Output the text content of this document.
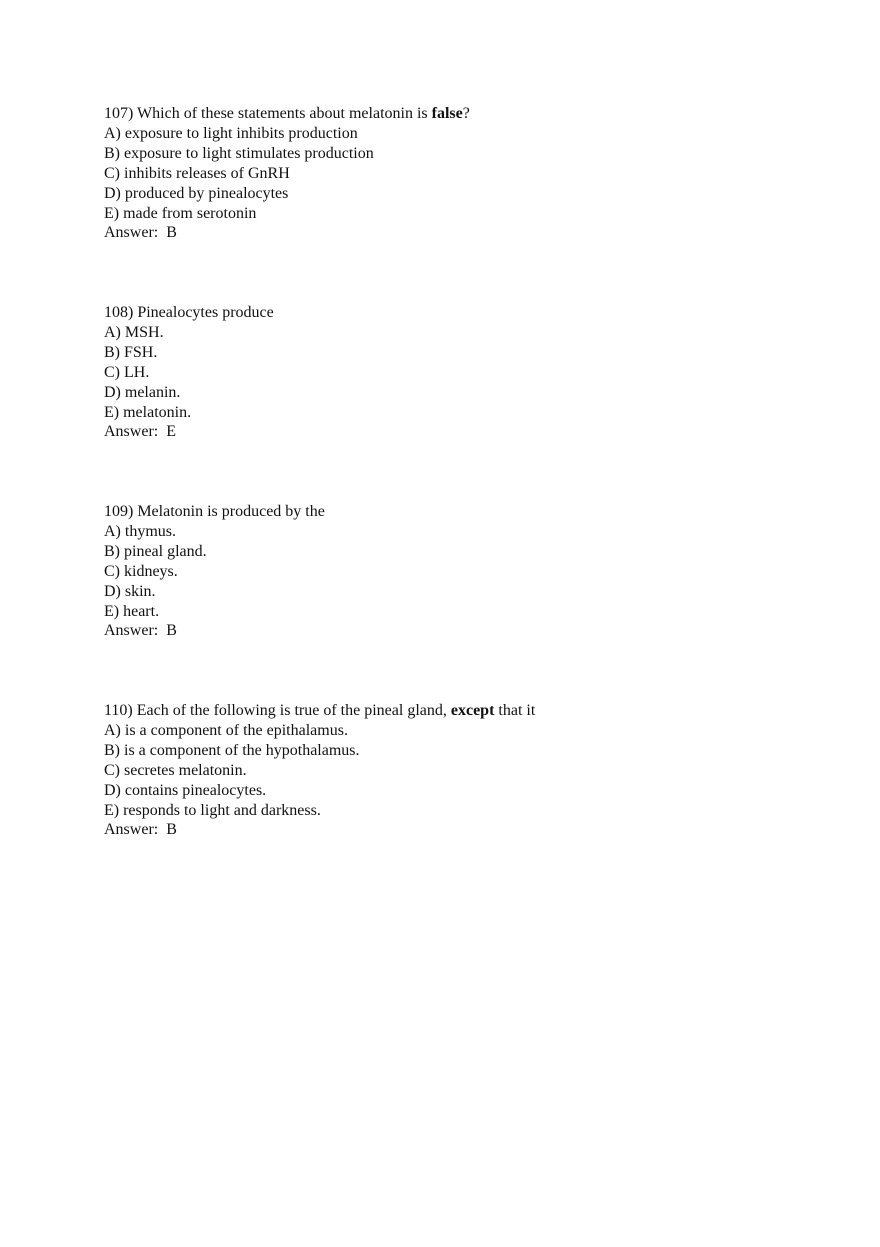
107) Which of these statements about melatonin is false?
A) exposure to light inhibits production
B) exposure to light stimulates production
C) inhibits releases of GnRH
D) produced by pinealocytes
E) made from serotonin
Answer:  B
108) Pinealocytes produce
A) MSH.
B) FSH.
C) LH.
D) melanin.
E) melatonin.
Answer:  E
109) Melatonin is produced by the
A) thymus.
B) pineal gland.
C) kidneys.
D) skin.
E) heart.
Answer:  B
110) Each of the following is true of the pineal gland, except that it
A) is a component of the epithalamus.
B) is a component of the hypothalamus.
C) secretes melatonin.
D) contains pinealocytes.
E) responds to light and darkness.
Answer:  B
